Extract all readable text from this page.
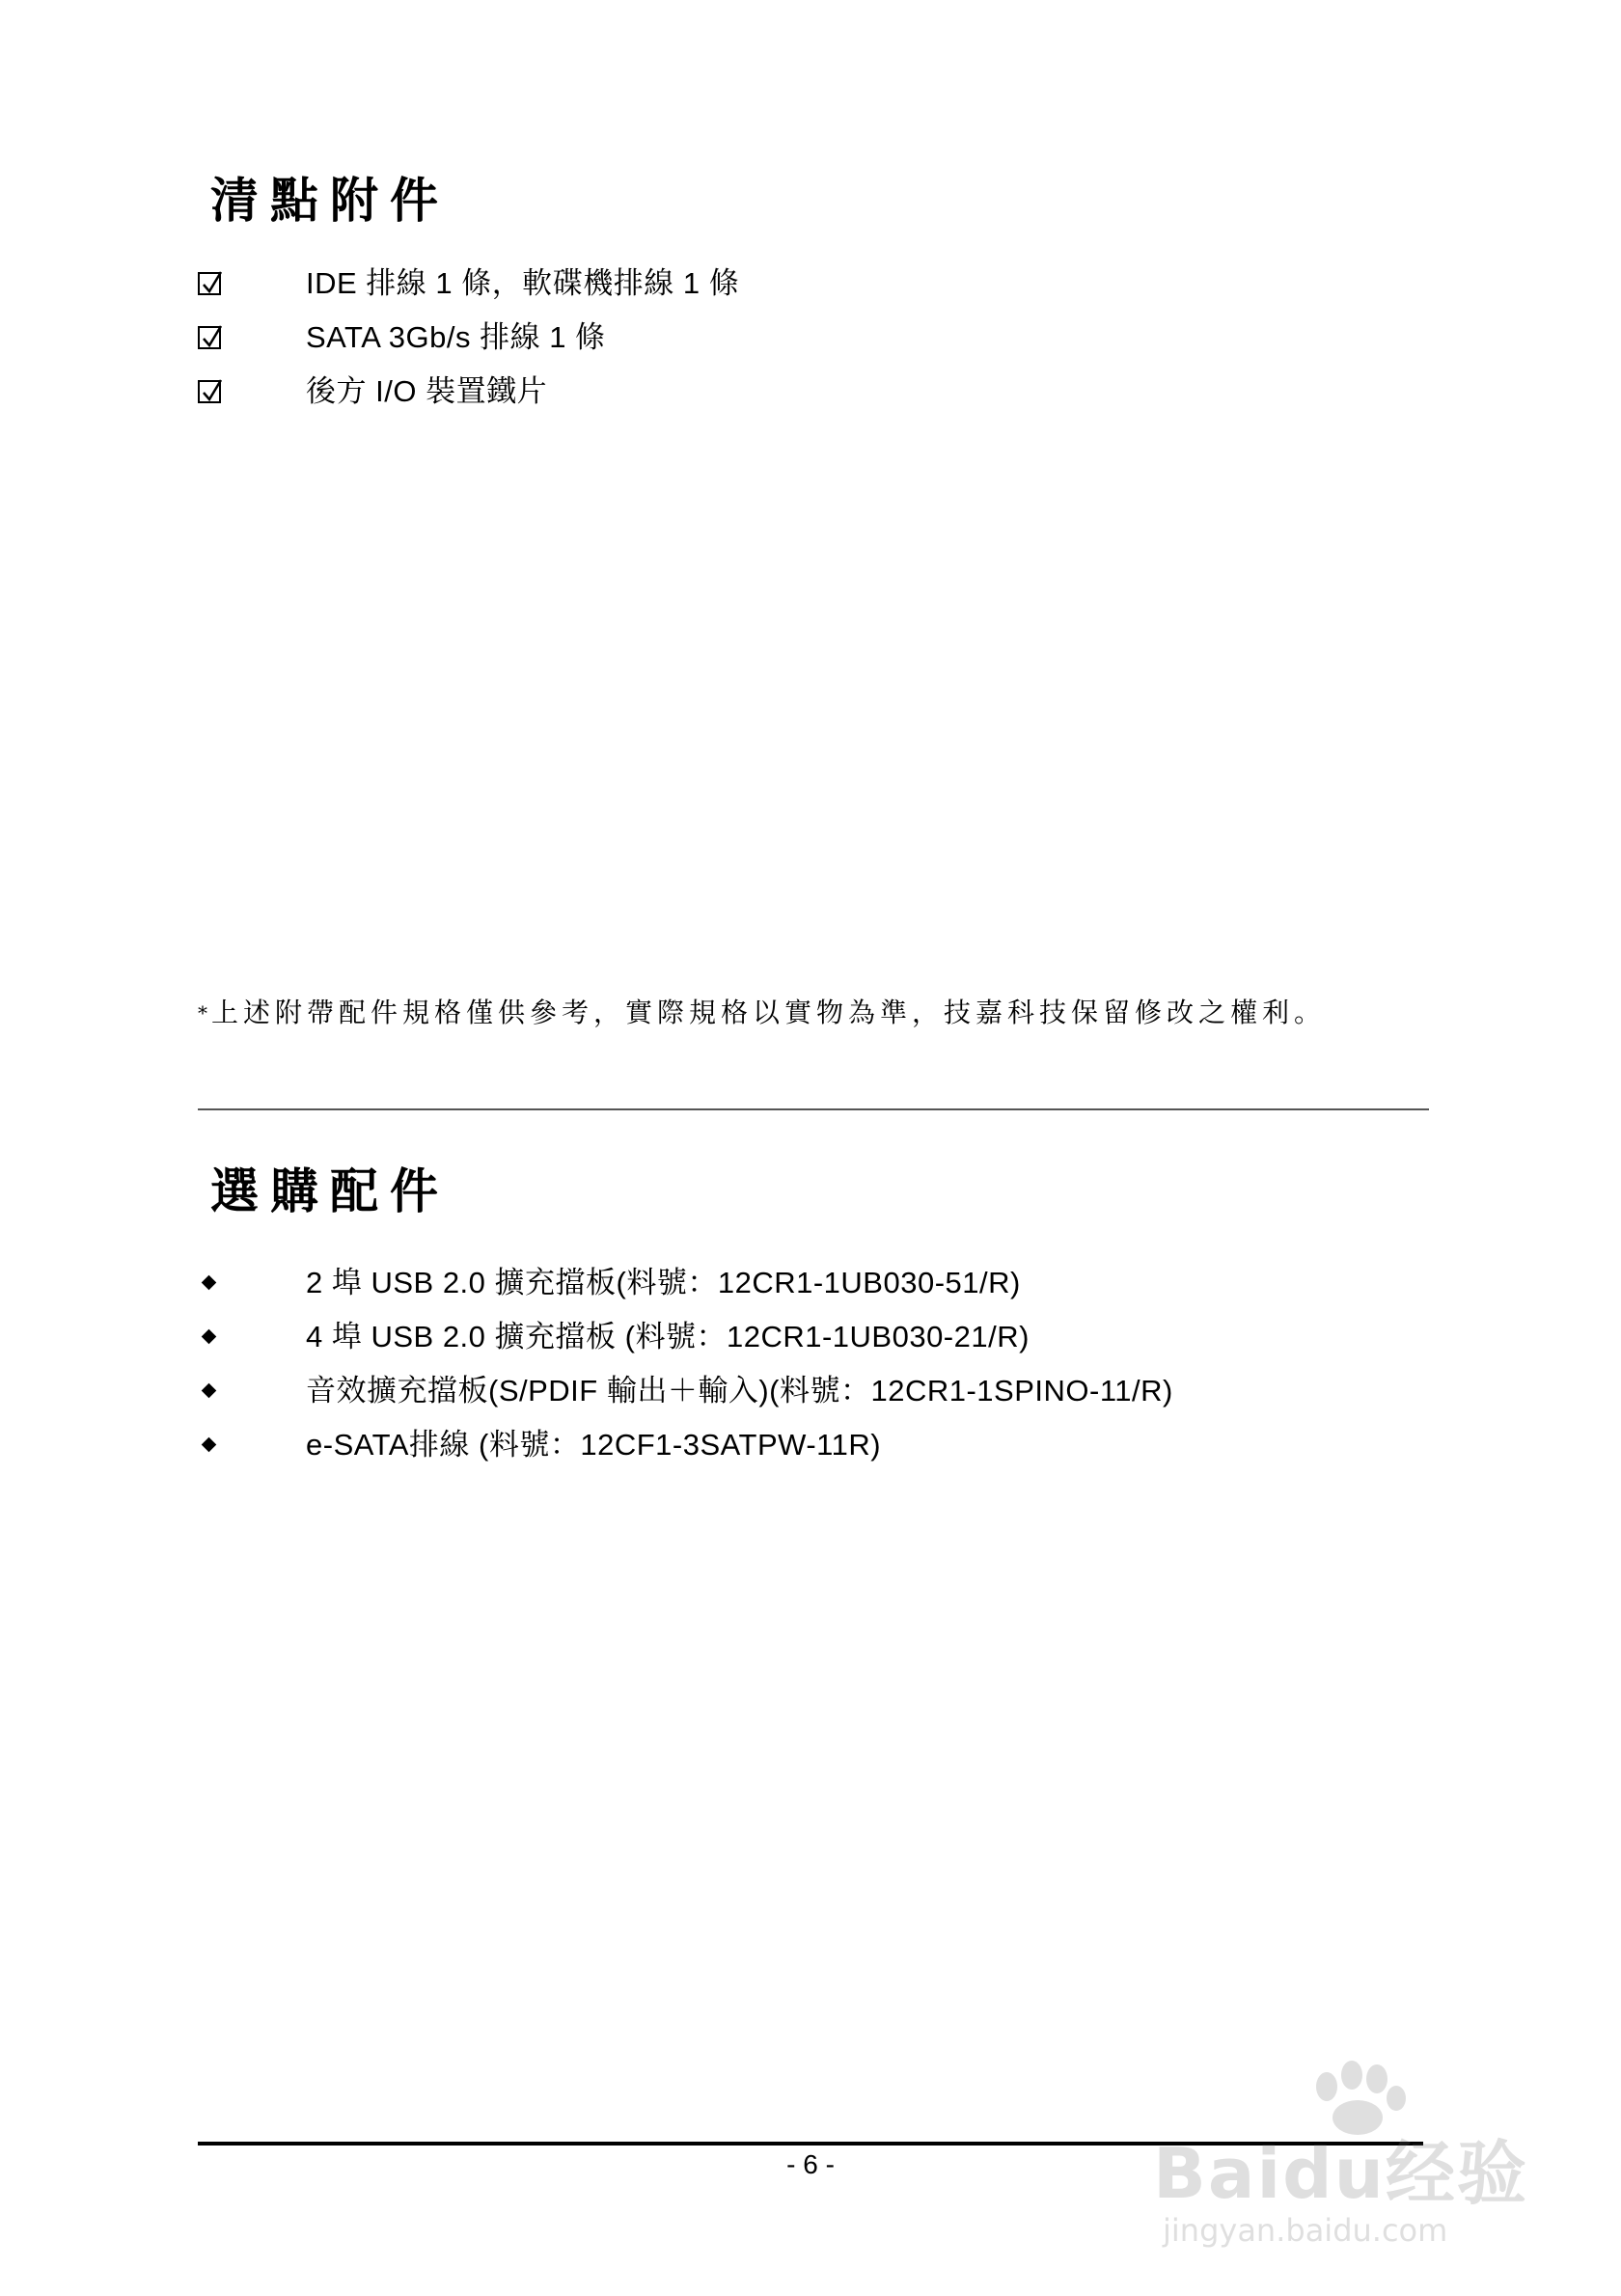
清點附件
IDE 排線 1 條，軟碟機排線 1 條
SATA 3Gb/s 排線 1 條
後方 I/O 裝置鐵片

*上述附帶配件規格僅供參考，實際規格以實物為準，技嘉科技保留修改之權利。

選購配件
2 埠 USB 2.0 擴充擋板(料號：12CR1-1UB030-51/R)
4 埠 USB 2.0 擴充擋板 (料號：12CR1-1UB030-21/R)
音效擴充擋板(S/PDIF 輸出＋輸入)(料號：12CR1-1SPINO-11/R)
e-SATA排線 (料號：12CF1-3SATPW-11R)

- 6 -	Baidu经验
jingyan.baidu.com
